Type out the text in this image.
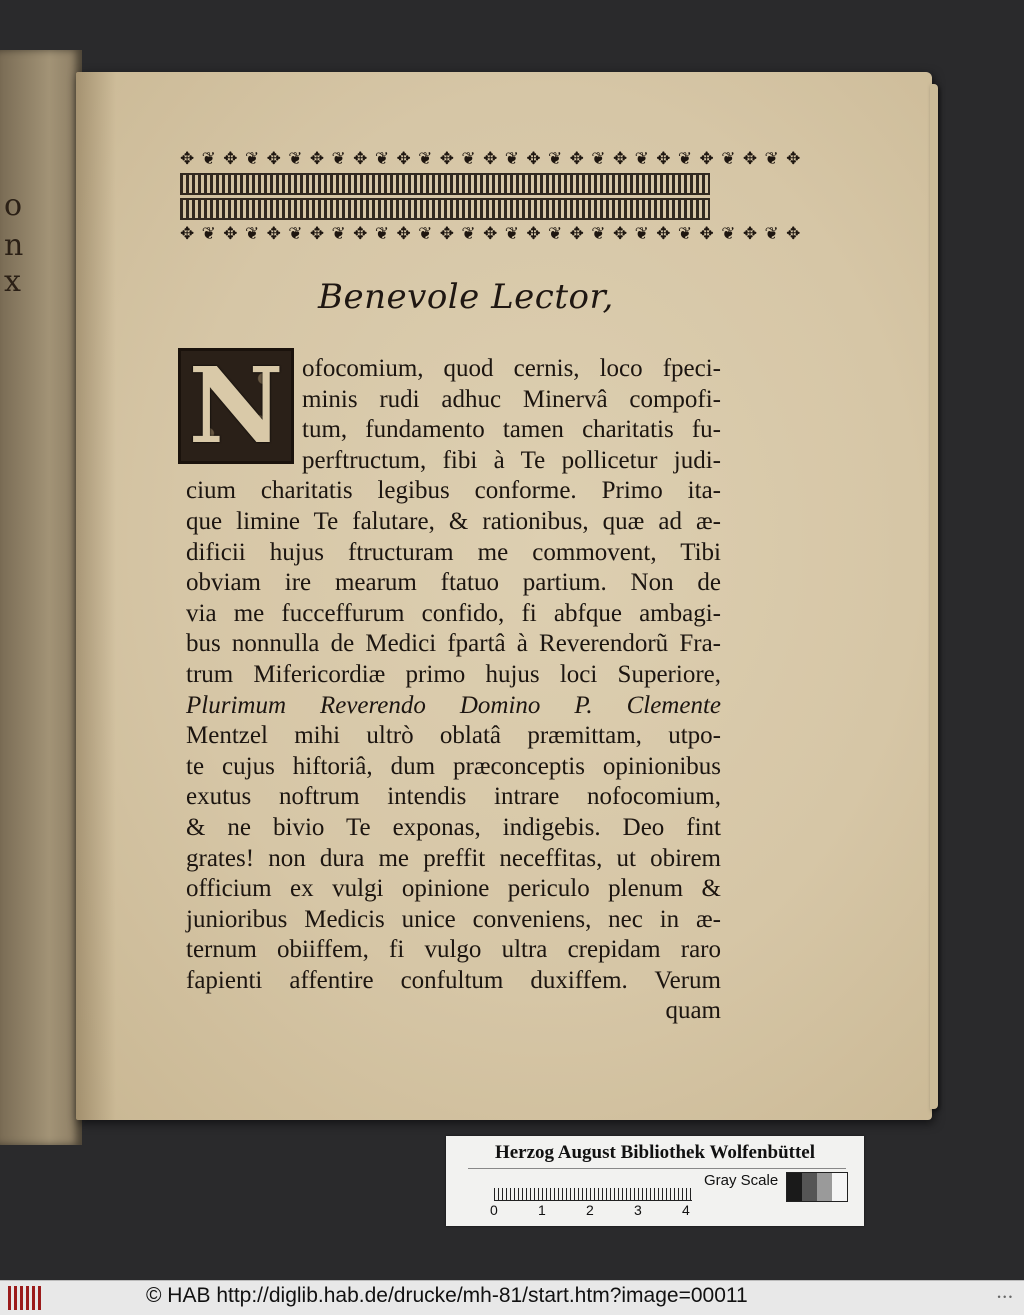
o
n
x
✥ ❦ ✥ ❦ ✥ ❦ ✥ ❦ ✥ ❦ ✥ ❦ ✥ ❦ ✥ ❦ ✥ ❦ ✥ ❦ ✥ ❦ ✥ ❦ ✥ ❦ ✥ ❦ ✥
✥ ❦ ✥ ❦ ✥ ❦ ✥ ❦ ✥ ❦ ✥ ❦ ✥ ❦ ✥ ❦ ✥ ❦ ✥ ❦ ✥ ❦ ✥ ❦ ✥ ❦ ✥ ❦ ✥
Benevole Lector,
N ofocomium, quod cernis, loco fpeci-
minis rudi adhuc Minervâ compofi-
tum, fundamento tamen charitatis fu-
perftructum, fibi à Te pollicetur judi-
cium charitatis legibus conforme. Primo ita-
que limine Te falutare, & rationibus, quæ ad æ-
dificii hujus ftructuram me commovent, Tibi
obviam ire mearum ftatuo partium. Non de
via me fucceffurum confido, fi abfque ambagi-
bus nonnulla de Medici fpartâ à Reverendorũ Fra-
trum Mifericordiæ primo hujus loci Superiore,
Plurimum Reverendo Domino P. Clemente
Mentzel mihi ultrò oblatâ præmittam, utpo-
te cujus hiftoriâ, dum præconceptis opinionibus
exutus noftrum intendis intrare nofocomium,
& ne bivio Te exponas, indigebis. Deo fint
grates! non dura me preffit neceffitas, ut obirem
officium ex vulgi opinione periculo plenum &
junioribus Medicis unice conveniens, nec in æ-
ternum obiiffem, fi vulgo ultra crepidam raro
fapienti affentire confultum duxiffem. Verum
quam
Herzog August Bibliothek Wolfenbüttel
0	1	2	3	4
Gray Scale
© HAB http://diglib.hab.de/drucke/mh-81/start.htm?image=00011	• • •
